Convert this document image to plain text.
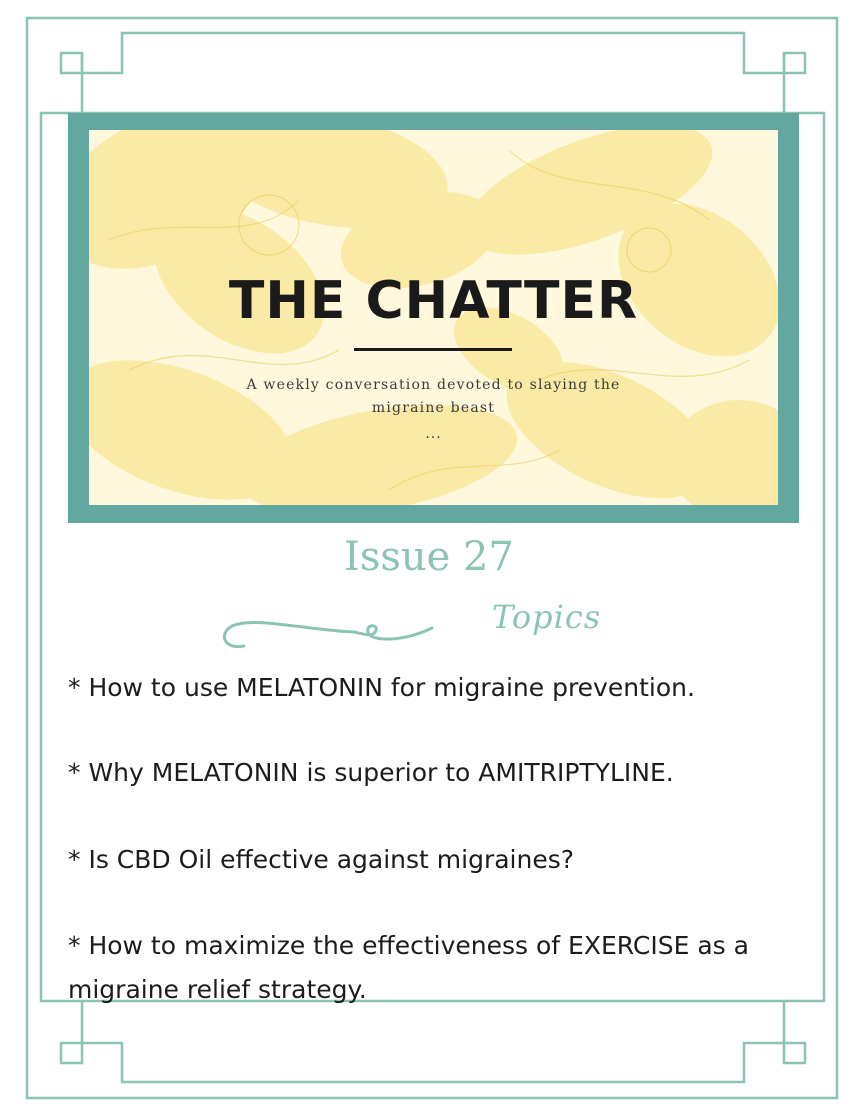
THE CHATTER
A weekly conversation devoted to slaying the migraine beast
...
Issue 27
Topics

* How to use MELATONIN for migraine prevention.

* Why MELATONIN is superior to AMITRIPTYLINE.

* Is CBD Oil effective against migraines?

* How to maximize the effectiveness of EXERCISE as a migraine relief strategy.
